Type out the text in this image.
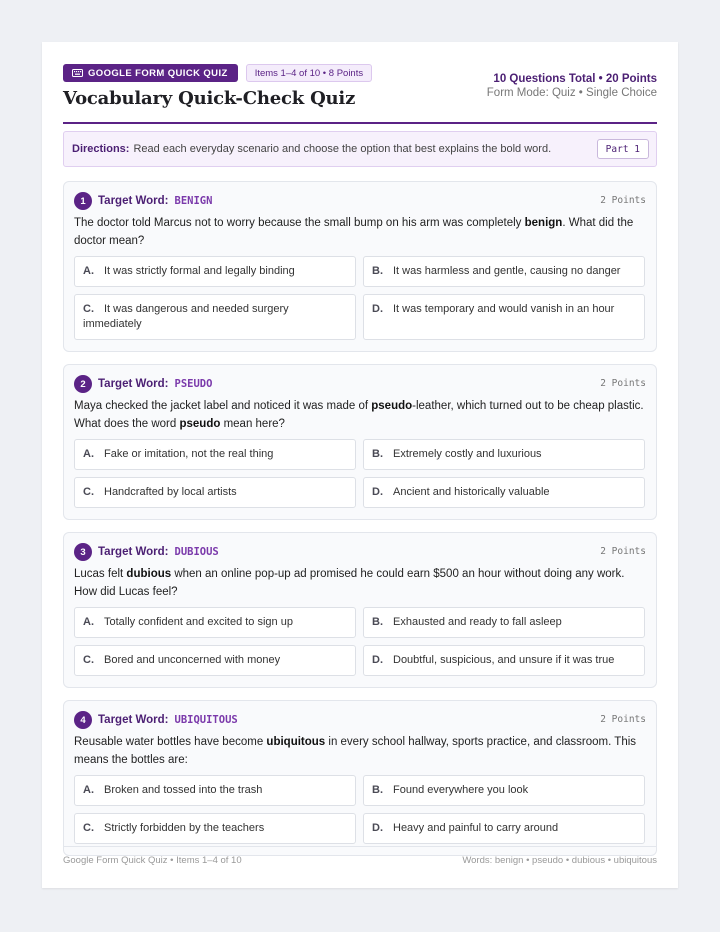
GOOGLE FORM QUICK QUIZ	Items 1–4 of 10 • 8 Points
Vocabulary Quick-Check Quiz
10 Questions Total • 20 Points
Form Mode: Quiz • Single Choice
Directions: Read each everyday scenario and choose the option that best explains the bold word.	Part 1
1	Target Word: BENIGN	2 Points
The doctor told Marcus not to worry because the small bump on his arm was completely benign. What did the doctor mean?
A. It was strictly formal and legally binding	B. It was harmless and gentle, causing no danger
C. It was dangerous and needed surgery immediately
D. It was temporary and would vanish in an hour
2	Target Word: PSEUDO	2 Points
Maya checked the jacket label and noticed it was made of pseudo-leather, which turned out to be cheap plastic. What does the word pseudo mean here?
A. Fake or imitation, not the real thing	B. Extremely costly and luxurious
C. Handcrafted by local artists	D. Ancient and historically valuable
3	Target Word: DUBIOUS	2 Points
Lucas felt dubious when an online pop-up ad promised he could earn $500 an hour without doing any work. How did Lucas feel?
A. Totally confident and excited to sign up	B. Exhausted and ready to fall asleep
C. Bored and unconcerned with money	D. Doubtful, suspicious, and unsure if it was true
4	Target Word: UBIQUITOUS	2 Points
Reusable water bottles have become ubiquitous in every school hallway, sports practice, and classroom. This means the bottles are:
A. Broken and tossed into the trash	B. Found everywhere you look
C. Strictly forbidden by the teachers	D. Heavy and painful to carry around
Google Form Quick Quiz • Items 1–4 of 10	Words: benign • pseudo • dubious • ubiquitous
